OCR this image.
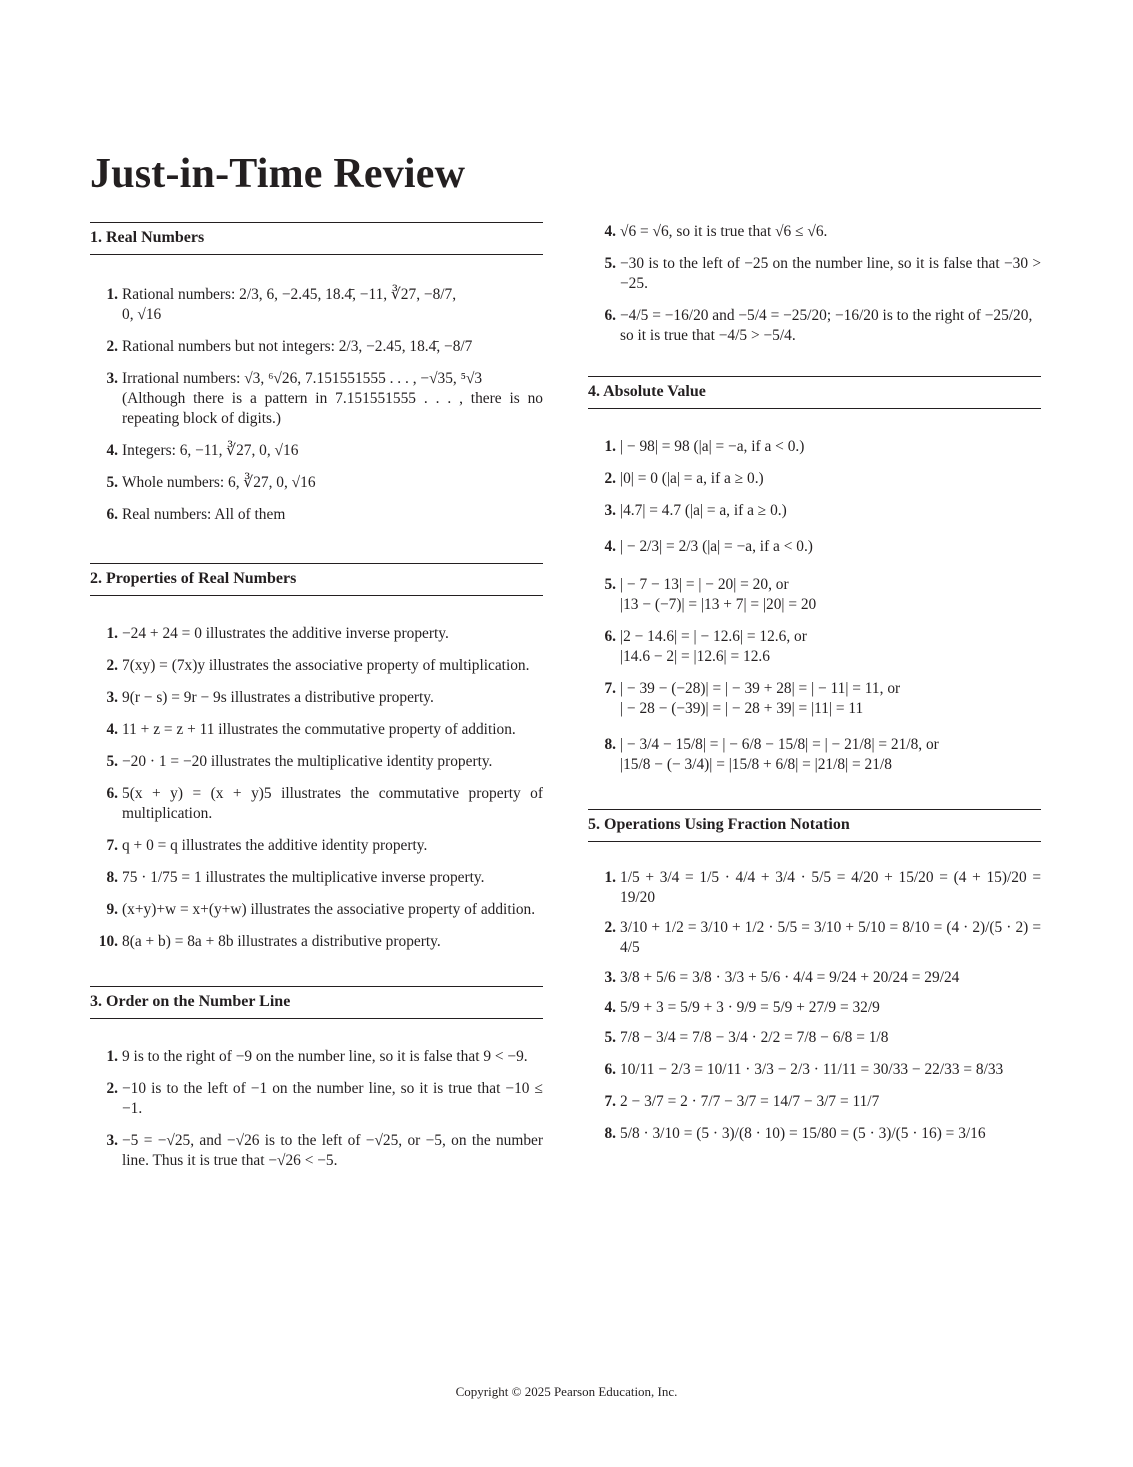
Just-in-Time Review
1. Real Numbers
1. Rational numbers: 2/3, 6, −2.45, 18.4̄, −11, ∛27, −8/7,
0, √16
2. Rational numbers but not integers: 2/3, −2.45, 18.4̄, −8/7
3. Irrational numbers: √3, ⁶√26, 7.151551555 . . . , −√35, ⁵√3
(Although there is a pattern in 7.151551555 . . . , there is no repeating block of digits.)
4. Integers: 6, −11, ∛27, 0, √16
5. Whole numbers: 6, ∛27, 0, √16
6. Real numbers: All of them
2. Properties of Real Numbers
1. −24 + 24 = 0 illustrates the additive inverse property.
2. 7(xy) = (7x)y illustrates the associative property of multiplication.
3. 9(r − s) = 9r − 9s illustrates a distributive property.
4. 11 + z = z + 11 illustrates the commutative property of addition.
5. −20 · 1 = −20 illustrates the multiplicative identity property.
6. 5(x + y) = (x + y)5 illustrates the commutative property of multiplication.
7. q + 0 = q illustrates the additive identity property.
8. 75 · 1/75 = 1 illustrates the multiplicative inverse property.
9. (x+y)+w = x+(y+w) illustrates the associative property of addition.
10. 8(a + b) = 8a + 8b illustrates a distributive property.
3. Order on the Number Line
1. 9 is to the right of −9 on the number line, so it is false that 9 < −9.
2. −10 is to the left of −1 on the number line, so it is true that −10 ≤ −1.
3. −5 = −√25, and −√26 is to the left of −√25, or −5, on the number line. Thus it is true that −√26 < −5.
4. √6 = √6, so it is true that √6 ≤ √6.
5. −30 is to the left of −25 on the number line, so it is false that −30 > −25.
6. −4/5 = −16/20 and −5/4 = −25/20; −16/20 is to the right of −25/20,
so it is true that −4/5 > −5/4.
4. Absolute Value
1. | − 98| = 98 (|a| = −a, if a < 0.)
2. |0| = 0 (|a| = a, if a ≥ 0.)
3. |4.7| = 4.7 (|a| = a, if a ≥ 0.)
4. | − 2/3| = 2/3 (|a| = −a, if a < 0.)
5. | − 7 − 13| = | − 20| = 20, or
|13 − (−7)| = |13 + 7| = |20| = 20
6. |2 − 14.6| = | − 12.6| = 12.6, or
|14.6 − 2| = |12.6| = 12.6
7. | − 39 − (−28)| = | − 39 + 28| = | − 11| = 11, or
| − 28 − (−39)| = | − 28 + 39| = |11| = 11
8. | − 3/4 − 15/8| = | − 6/8 − 15/8| = | − 21/8| = 21/8, or
|15/8 − (− 3/4)| = |15/8 + 6/8| = |21/8| = 21/8
5. Operations Using Fraction Notation
1. 1/5 + 3/4 = 1/5 · 4/4 + 3/4 · 5/5 = 4/20 + 15/20 = (4 + 15)/20 = 19/20
2. 3/10 + 1/2 = 3/10 + 1/2 · 5/5 = 3/10 + 5/10 = 8/10 = (4 · 2)/(5 · 2) = 4/5
3. 3/8 + 5/6 = 3/8 · 3/3 + 5/6 · 4/4 = 9/24 + 20/24 = 29/24
4. 5/9 + 3 = 5/9 + 3 · 9/9 = 5/9 + 27/9 = 32/9
5. 7/8 − 3/4 = 7/8 − 3/4 · 2/2 = 7/8 − 6/8 = 1/8
6. 10/11 − 2/3 = 10/11 · 3/3 − 2/3 · 11/11 = 30/33 − 22/33 = 8/33
7. 2 − 3/7 = 2 · 7/7 − 3/7 = 14/7 − 3/7 = 11/7
8. 5/8 · 3/10 = (5 · 3)/(8 · 10) = 15/80 = (5 · 3)/(5 · 16) = 3/16
Copyright © 2025 Pearson Education, Inc.
